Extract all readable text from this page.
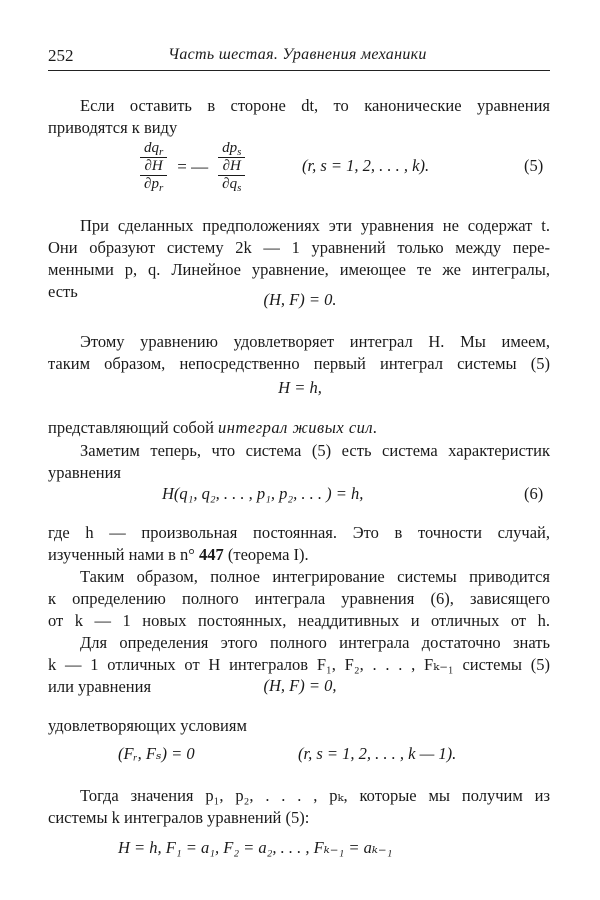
252	Часть шестая. Уравнения механики
Если оставить в стороне dt, то канонические уравнения
приводятся к виду
$dq_r$
∂H
$\partial p_r$
= —
$dp_s$
∂H
$\partial q_s$
(r, s = 1, 2, . . . , k).	(5)
При сделанных предположениях эти уравнения не содержат t.
Они образуют систему 2k — 1 уравнений только между пере-
менными p, q. Линейное уравнение, имеющее те же интегралы,
есть	(H, F) = 0.
Этому уравнению удовлетворяет интеграл H. Мы имеем,
таким образом, непосредственно первый интеграл системы (5)
H = h,
представляющий собой интеграл живых сил.
Заметим теперь, что система (5) есть система характеристик
уравнения
H(q₁, q₂, . . . , p₁, p₂, . . . ) = h,	(6)
где h — произвольная постоянная. Это в точности случай,
изученный нами в n° 447 (теорема I).
Таким образом, полное интегрирование системы приводится
к определению полного интеграла уравнения (6), зависящего
от k — 1 новых постоянных, неаддитивных и отличных от h.
Для определения этого полного интеграла достаточно знать
k — 1 отличных от H интегралов F₁, F₂, . . . , Fₖ₋₁ системы (5)
или уравнения	(H, F) = 0,
удовлетворяющих условиям
(Fᵣ, Fₛ) = 0	(r, s = 1, 2, . . . , k — 1).
Тогда значения p₁, p₂, . . . , pₖ, которые мы получим из
системы k интегралов уравнений (5):
H = h, F₁ = a₁, F₂ = a₂, . . . , Fₖ₋₁ = aₖ₋₁
